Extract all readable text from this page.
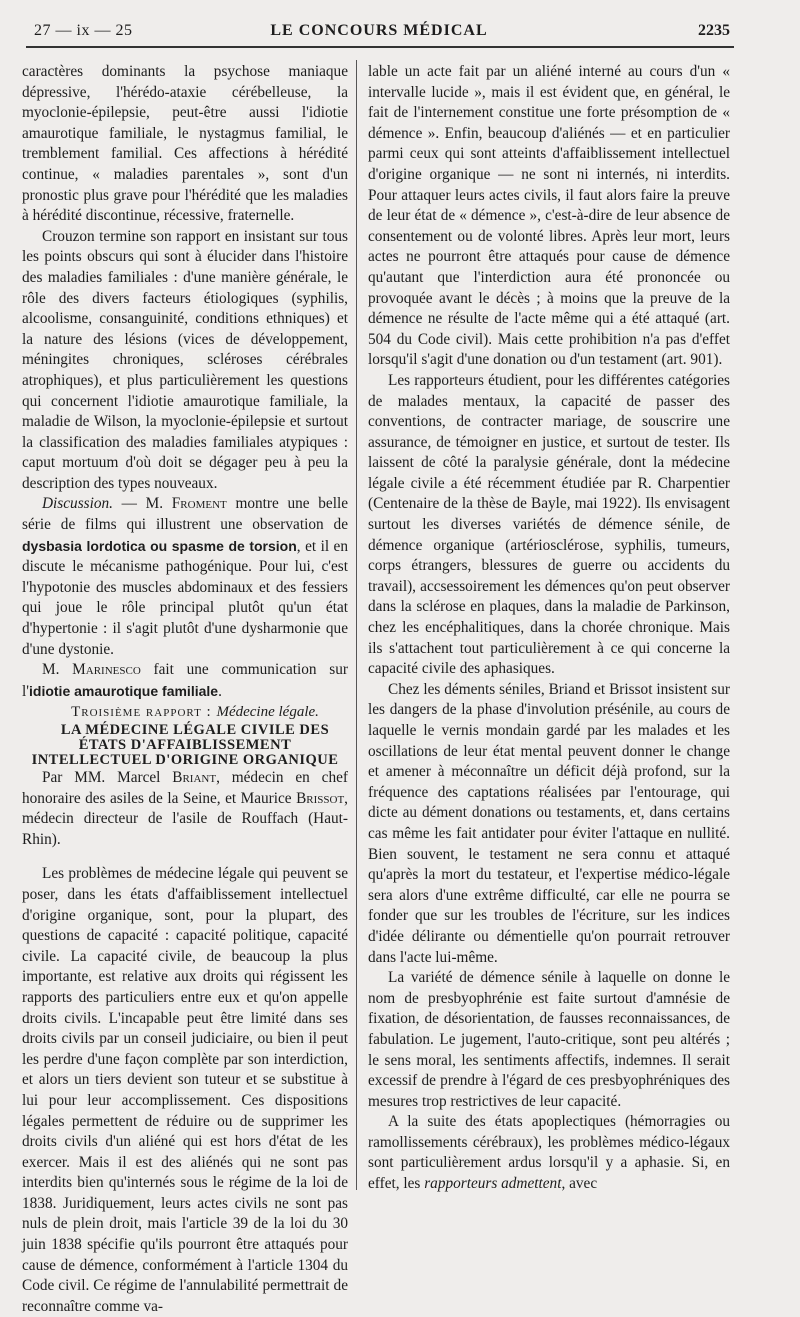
27 — ix — 25	LE CONCOURS MÉDICAL	2235

caractères dominants la psychose maniaque dépressive, l'hérédo-ataxie cérébelleuse, la myoclonie-épilepsie, peut-être aussi l'idiotie amaurotique familiale, le nystagmus familial, le tremblement familial. Ces affections à hérédité continue, « maladies parentales », sont d'un pronostic plus grave pour l'hérédité que les maladies à hérédité discontinue, récessive, fraternelle.

Crouzon termine son rapport en insistant sur tous les points obscurs qui sont à élucider dans l'histoire des maladies familiales : d'une manière générale, le rôle des divers facteurs étiologiques (syphilis, alcoolisme, consanguinité, conditions ethniques) et la nature des lésions (vices de développement, méningites chroniques, scléroses cérébrales atrophiques), et plus particulièrement les questions qui concernent l'idiotie amaurotique familiale, la maladie de Wilson, la myoclonie-épilepsie et surtout la classification des maladies familiales atypiques : caput mortuum d'où doit se dégager peu à peu la description des types nouveaux.

Discussion. — M. Froment montre une belle série de films qui illustrent une observation de dysbasia lordotica ou spasme de torsion, et il en discute le mécanisme pathogénique. Pour lui, c'est l'hypotonie des muscles abdominaux et des fessiers qui joue le rôle principal plutôt qu'un état d'hypertonie : il s'agit plutôt d'une dysharmonie que d'une dystonie.

M. Marinesco fait une communication sur l'idiotie amaurotique familiale.

Troisième rapport : Médecine légale.

LA MÉDECINE LÉGALE CIVILE DES ÉTATS D'AFFAIBLISSEMENT INTELLECTUEL D'ORIGINE ORGANIQUE

Par MM. Marcel Briant, médecin en chef honoraire des asiles de la Seine, et Maurice Brissot, médecin directeur de l'asile de Rouffach (Haut-Rhin).

Les problèmes de médecine légale qui peuvent se poser, dans les états d'affaiblissement intellectuel d'origine organique, sont, pour la plupart, des questions de capacité : capacité politique, capacité civile. La capacité civile, de beaucoup la plus importante, est relative aux droits qui régissent les rapports des particuliers entre eux et qu'on appelle droits civils. L'incapable peut être limité dans ses droits civils par un conseil judiciaire, ou bien il peut les perdre d'une façon complète par son interdiction, et alors un tiers devient son tuteur et se substitue à lui pour leur accomplissement. Ces dispositions légales permettent de réduire ou de supprimer les droits civils d'un aliéné qui est hors d'état de les exercer. Mais il est des aliénés qui ne sont pas interdits bien qu'internés sous le régime de la loi de 1838. Juridiquement, leurs actes civils ne sont pas nuls de plein droit, mais l'article 39 de la loi du 30 juin 1838 spécifie qu'ils pourront être attaqués pour cause de démence, conformément à l'article 1304 du Code civil. Ce régime de l'annulabilité permettrait de reconnaître comme va-

lable un acte fait par un aliéné interné au cours d'un « intervalle lucide », mais il est évident que, en général, le fait de l'internement constitue une forte présomption de « démence ». Enfin, beaucoup d'aliénés — et en particulier parmi ceux qui sont atteints d'affaiblissement intellectuel d'origine organique — ne sont ni internés, ni interdits. Pour attaquer leurs actes civils, il faut alors faire la preuve de leur état de « démence », c'est-à-dire de leur absence de consentement ou de volonté libres. Après leur mort, leurs actes ne pourront être attaqués pour cause de démence qu'autant que l'interdiction aura été prononcée ou provoquée avant le décès ; à moins que la preuve de la démence ne résulte de l'acte même qui a été attaqué (art. 504 du Code civil). Mais cette prohibition n'a pas d'effet lorsqu'il s'agit d'une donation ou d'un testament (art. 901).

Les rapporteurs étudient, pour les différentes catégories de malades mentaux, la capacité de passer des conventions, de contracter mariage, de souscrire une assurance, de témoigner en justice, et surtout de tester. Ils laissent de côté la paralysie générale, dont la médecine légale civile a été récemment étudiée par R. Charpentier (Centenaire de la thèse de Bayle, mai 1922). Ils envisagent surtout les diverses variétés de démence sénile, de démence organique (artériosclérose, syphilis, tumeurs, corps étrangers, blessures de guerre ou accidents du travail), accsessoirement les démences qu'on peut observer dans la sclérose en plaques, dans la maladie de Parkinson, chez les encéphalitiques, dans la chorée chronique. Mais ils s'attachent tout particulièrement à ce qui concerne la capacité civile des aphasiques.

Chez les déments séniles, Briand et Brissot insistent sur les dangers de la phase d'involution présénile, au cours de laquelle le vernis mondain gardé par les malades et les oscillations de leur état mental peuvent donner le change et amener à méconnaître un déficit déjà profond, sur la fréquence des captations réalisées par l'entourage, qui dicte au dément donations ou testaments, et, dans certains cas même les fait antidater pour éviter l'attaque en nullité. Bien souvent, le testament ne sera connu et attaqué qu'après la mort du testateur, et l'expertise médico-légale sera alors d'une extrême difficulté, car elle ne pourra se fonder que sur les troubles de l'écriture, sur les indices d'idée délirante ou démentielle qu'on pourrait retrouver dans l'acte lui-même.

La variété de démence sénile à laquelle on donne le nom de presbyophrénie est faite surtout d'amnésie de fixation, de désorientation, de fausses reconnaissances, de fabulation. Le jugement, l'auto-critique, sont peu altérés ; le sens moral, les sentiments affectifs, indemnes. Il serait excessif de prendre à l'égard de ces presbyophréniques des mesures trop restrictives de leur capacité.

A la suite des états apoplectiques (hémorragies ou ramollissements cérébraux), les problèmes médico-légaux sont particulièrement ardus lorsqu'il y a aphasie. Si, en effet, les rapporteurs admettent, avec
